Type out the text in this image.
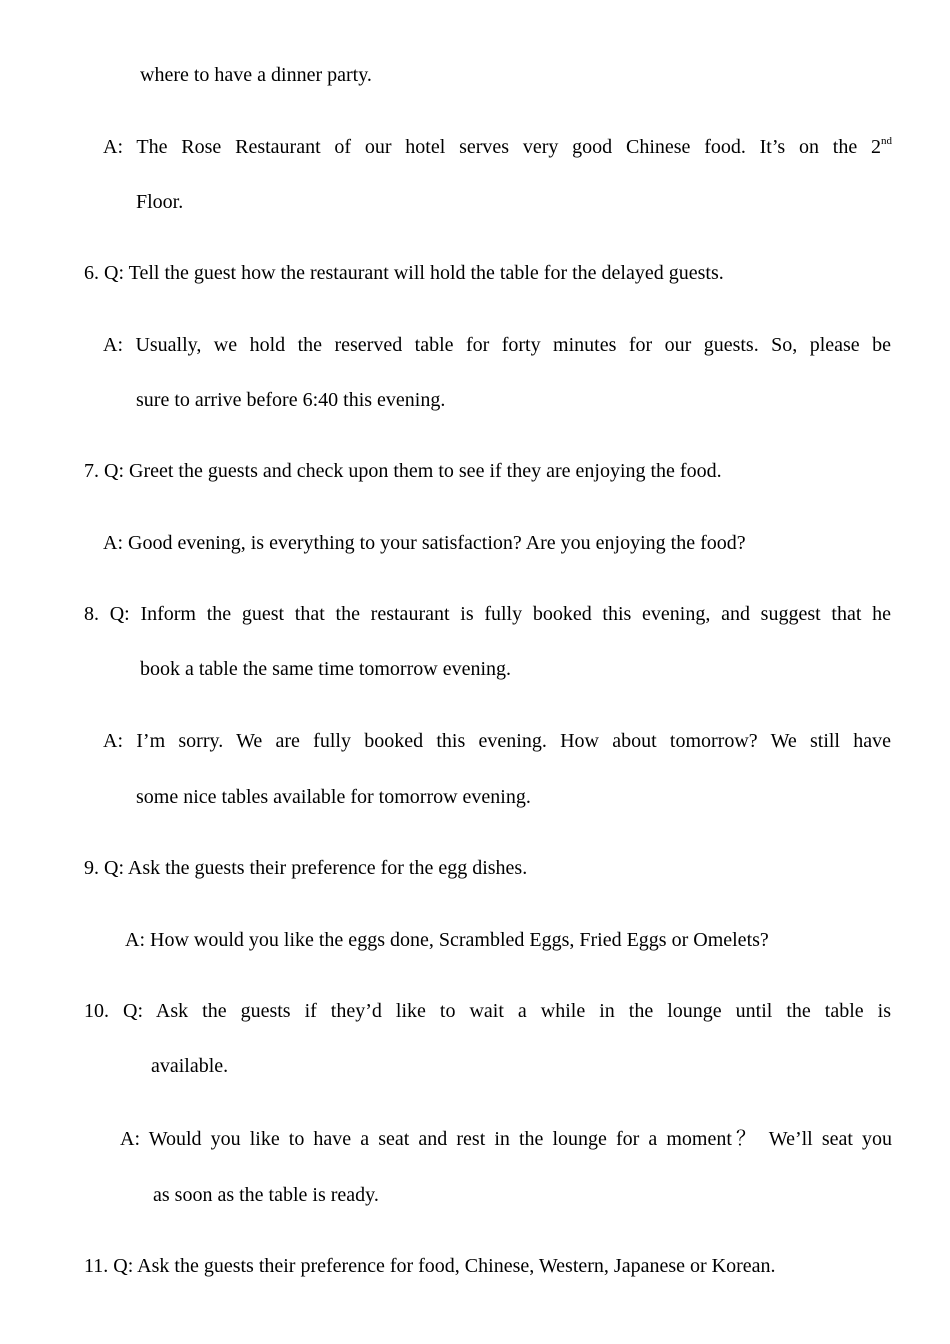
where to have a dinner party.
A: The Rose Restaurant of our hotel serves very good Chinese food. It’s on the 2nd
Floor.
6. Q: Tell the guest how the restaurant will hold the table for the delayed guests.
A: Usually, we hold the reserved table for forty minutes for our guests. So, please be
sure to arrive before 6:40 this evening.
7. Q: Greet the guests and check upon them to see if they are enjoying the food.
A: Good evening, is everything to your satisfaction? Are you enjoying the food?
8. Q: Inform the guest that the restaurant is fully booked this evening, and suggest that he
book a table the same time tomorrow evening.
A: I’m sorry. We are fully booked this evening. How about tomorrow? We still have
some nice tables available for tomorrow evening.
9. Q: Ask the guests their preference for the egg dishes.
A: How would you like the eggs done, Scrambled Eggs, Fried Eggs or Omelets?
10. Q: Ask the guests if they’d like to wait a while in the lounge until the table is
available.
A: Would you like to have a seat and rest in the lounge for a moment？ We’ll seat you
as soon as the table is ready.
11. Q: Ask the guests their preference for food, Chinese, Western, Japanese or Korean.
